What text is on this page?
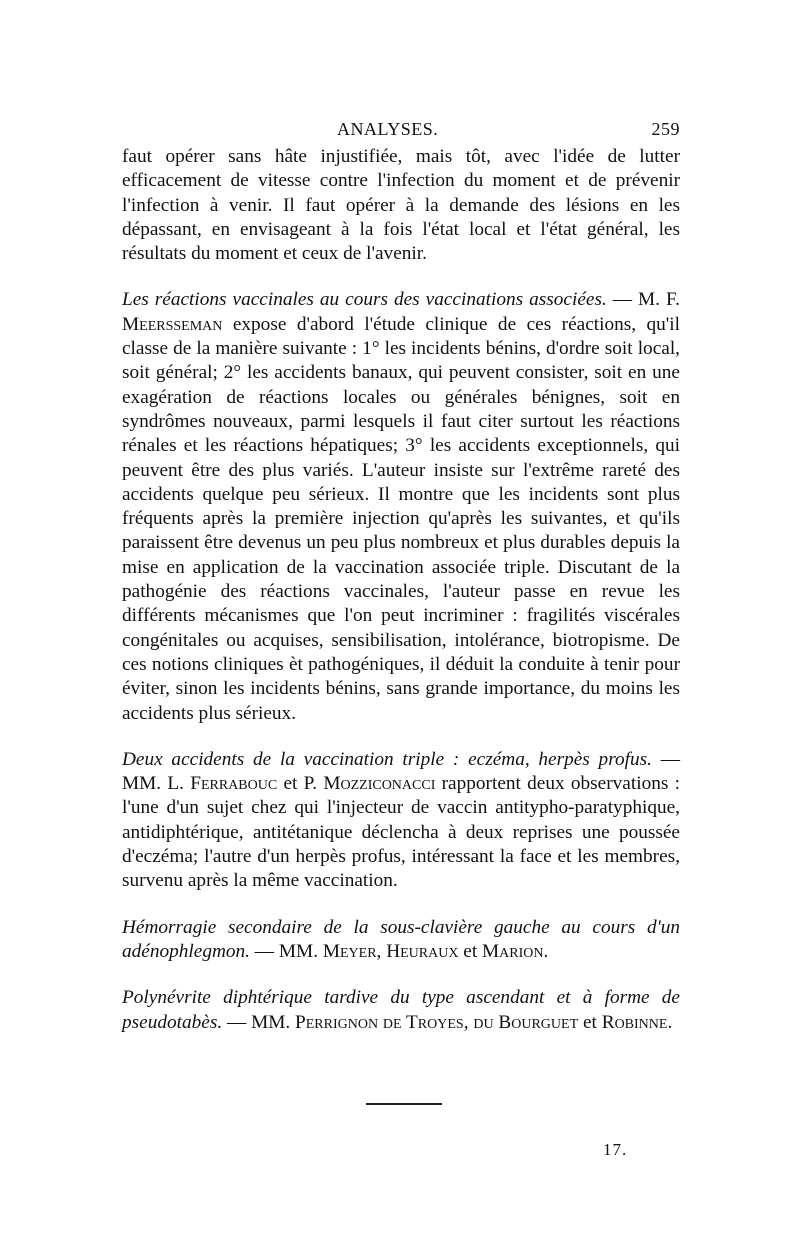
ANALYSES.	259

faut opérer sans hâte injustifiée, mais tôt, avec l'idée de lutter efficacement de vitesse contre l'infection du moment et de prévenir l'infection à venir. Il faut opérer à la demande des lésions en les dépassant, en envisageant à la fois l'état local et l'état général, les résultats du moment et ceux de l'avenir.

Les réactions vaccinales au cours des vaccinations associées. — M. F. Meersseman expose d'abord l'étude clinique de ces réactions, qu'il classe de la manière suivante : 1° les incidents bénins, d'ordre soit local, soit général; 2° les accidents banaux, qui peuvent consister, soit en une exagération de réactions locales ou générales bénignes, soit en syndrômes nouveaux, parmi lesquels il faut citer surtout les réactions rénales et les réactions hépatiques; 3° les accidents exceptionnels, qui peuvent être des plus variés. L'auteur insiste sur l'extrême rareté des accidents quelque peu sérieux. Il montre que les incidents sont plus fréquents après la première injection qu'après les suivantes, et qu'ils paraissent être devenus un peu plus nombreux et plus durables depuis la mise en application de la vaccination associée triple. Discutant de la pathogénie des réactions vaccinales, l'auteur passe en revue les différents mécanismes que l'on peut incriminer : fragilités viscérales congénitales ou acquises, sensibilisation, intolérance, biotropisme. De ces notions cliniques èt pathogéniques, il déduit la conduite à tenir pour éviter, sinon les incidents bénins, sans grande importance, du moins les accidents plus sérieux.

Deux accidents de la vaccination triple : eczéma, herpès profus. — MM. L. Ferrabouc et P. Mozziconacci rapportent deux observations : l'une d'un sujet chez qui l'injecteur de vaccin antitypho-paratyphique, antidiphtérique, antitétanique déclencha à deux reprises une poussée d'eczéma; l'autre d'un herpès profus, intéressant la face et les membres, survenu après la même vaccination.

Hémorragie secondaire de la sous-clavière gauche au cours d'un adénophlegmon. — MM. Meyer, Heuraux et Marion.

Polynévrite diphtérique tardive du type ascendant et à forme de pseudotabès. — MM. Perrignon de Troyes, du Bourguet et Robinne.

17.
